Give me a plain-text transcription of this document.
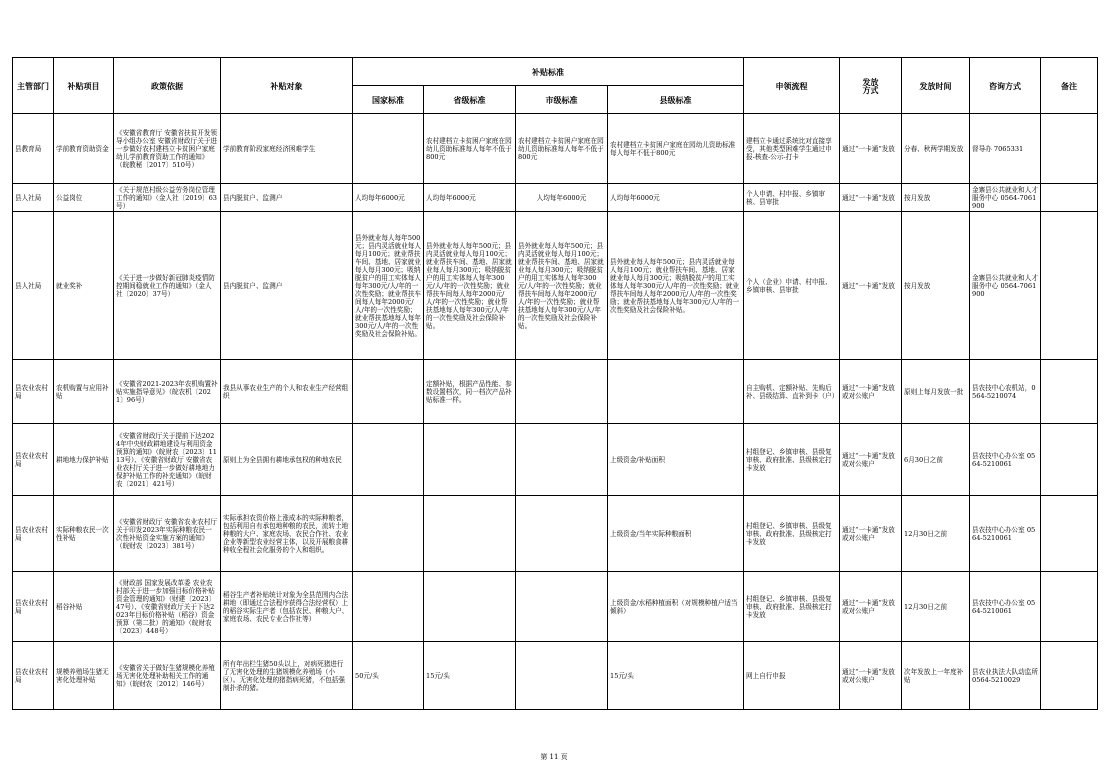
主管部门	补贴项目	政策依据	补贴对象	补贴标准				申领流程	发放
方式	发放时间	咨询方式	备注
				国家标准	省级标准	市级标准	县级标准					
县教育局	学前教育资助资金	《安徽省教育厅 安徽省扶贫开发领导小组办公室 安徽省财政厅关于进一步做好农村建档立卡贫困户家庭幼儿学前教育资助工作的通知》（皖教秘〔2017〕510号）	学前教育阶段家庭经济困难学生		农村建档立卡贫困户家庭在园幼儿资助标准每人每年不低于800元	农村建档立卡贫困户家庭在园幼儿资助标准每人每年不低于800元	农村建档立卡贫困户家庭在园幼儿资助标准每人每年不低于800元	建档立卡通过系统比对直接享受，其他类型困难学生通过申报-核查-公示-打卡	通过“一卡通”发放	分春、秋两学期发放	督导办 7065331	
县人社局	公益岗位	《关于规范村级公益劳务岗位管理工作的通知》（金人社〔2019〕63号）	县内脱贫户、监测户	人均每年6000元	人均每年6000元	人均每年6000元	人均每年6000元	个人申请、村申报、乡镇审核、县审批	通过“一卡通”发放	按月发放	金寨县公共就业和人才服务中心 0564-7061900	
县人社局	就业奖补	《关于进一步做好新冠肺炎疫情防控期间稳就业工作的通知》（金人社〔2020〕37号）	县内脱贫户、监测户	县外就业每人每年500元；县内灵活就业每人每月100元；就业帮扶车间、基地、居家就业每人每月300元；吸纳脱贫户的用工实体每人每年300元/人/年的一次性奖励；就业帮扶车间每人每年2000元/人/年的一次性奖励；就业帮扶基地每人每年300元/人/年的一次性奖励及社会保险补贴。	县外就业每人每年500元；县内灵活就业每人每月100元；就业帮扶车间、基地、居家就业每人每月300元；吸纳脱贫户的用工实体每人每年300元/人/年的一次性奖励；就业帮扶车间每人每年2000元/人/年的一次性奖励；就业帮扶基地每人每年300元/人/年的一次性奖励及社会保险补贴。	县外就业每人每年500元；县内灵活就业每人每月100元；就业帮扶车间、基地、居家就业每人每月300元；吸纳脱贫户的用工实体每人每年300元/人/年的一次性奖励；就业帮扶车间每人每年2000元/人/年的一次性奖励；就业帮扶基地每人每年300元/人/年的一次性奖励及社会保险补贴。	县外就业每人每年500元；县内灵活就业每人每月100元；就业帮扶车间、基地、居家就业每人每月300元；吸纳脱贫户的用工实体每人每年300元/人/年的一次性奖励；就业帮扶车间每人每年2000元/人/年的一次性奖励；就业帮扶基地每人每年300元/人/年的一次性奖励及社会保险补贴。	个人（企业）申请、村申报、乡镇审核、县审批	通过“一卡通”发放	按月发放	金寨县公共就业和人才服务中心 0564-7061900	
县农业农村局	农机购置与应用补贴	《安徽省2021-2023年农机购置补贴实施指导意见》（皖农机〔2021〕96号）	我县从事农业生产的个人和农业生产经营组织		定额补贴，根据产品性能、参数设置档次，同一档次产品补贴标准一样。			自主购机、定额补贴、先购后补、县级结算、直补到卡（户）	通过“一卡通”发放或对公账户	原则上每月发放一批	县农技中心农机站，0564-5210074	
县农业农村局	耕地地力保护补贴	《安徽省财政厅关于提前下达2024年中央财政耕地建设与利用资金预算的通知》（皖财农〔2023〕1113号）、《安徽省财政厅 安徽省农业农村厅关于进一步做好耕地地力保护补贴工作的补充通知》（皖财农〔2021〕421号）	原则上为全县拥有耕地承包权的种地农民				上级资金/补贴面积	村组登记、乡镇审核、县级复审核、政府批准、县级核定打卡发放	通过“一卡通”发放或对公账户	6月30日之前	县农技中心办公室 0564-5210061	
县农业农村局	实际种粮农民一次性补贴	《安徽省财政厅 安徽省农业农村厅关于印发2023年实际种粮农民一次性补贴资金实施方案的通知》（皖财农〔2023〕381号）	实际承担农资价格上涨成本的实际种粮者，包括利用自有承包地种粮的农民，流转土地种粮的大户、家庭农场、农民合作社、农业企业等新型农业经营主体，以及开展粮食耕种收全程社会化服务的个人和组织。				上级资金/当年实际种粮面积	村组登记、乡镇审核、县级复审核、政府批准、县级核定打卡发放	通过“一卡通”发放或对公账户	12月30日之前	县农技中心办公室 0564-5210061	
县农业农村局	稻谷补贴	《财政部 国家发展改革委 农业农村部关于进一步加强目标价格补贴资金管理的通知》（财建〔2023〕47号）、《安徽省财政厅关于下达2023年目标价格补贴（稻谷）资金预算（第二批）的通知》（皖财农〔2023〕448号）	稻谷生产者补贴统计对象为全县范围内合法耕地（即通过合法程序获得合法经营权）上的稻谷实际生产者（包括农民、种粮大户、家庭农场、农民专业合作社等）				上级资金/水稻种植面积（对规模种植户适当倾斜）	村组登记、乡镇审核、县级复审核、政府批准、县级核定打卡发放	通过“一卡通”发放或对公账户	12月30日之前	县农技中心办公室 0564-5210061	
县农业农村局	规模养殖场生猪无害化处理补贴	《安徽省关于做好生猪规模化养殖场无害化处理补助相关工作的通知》（皖财农〔2012〕146号）	所有年出栏生猪50头以上，对病死猪进行了无害化处理的生猪规模化养殖场（小区）。无害化处理的猪指病死猪，不包括强制扑杀的猪。	50元/头	15元/头		15元/头	网上自行申报	通过“一卡通”发放或对公账户	次年发放上一年度补贴	县农业执法大队动监所0564-5210029	
第 11 页
